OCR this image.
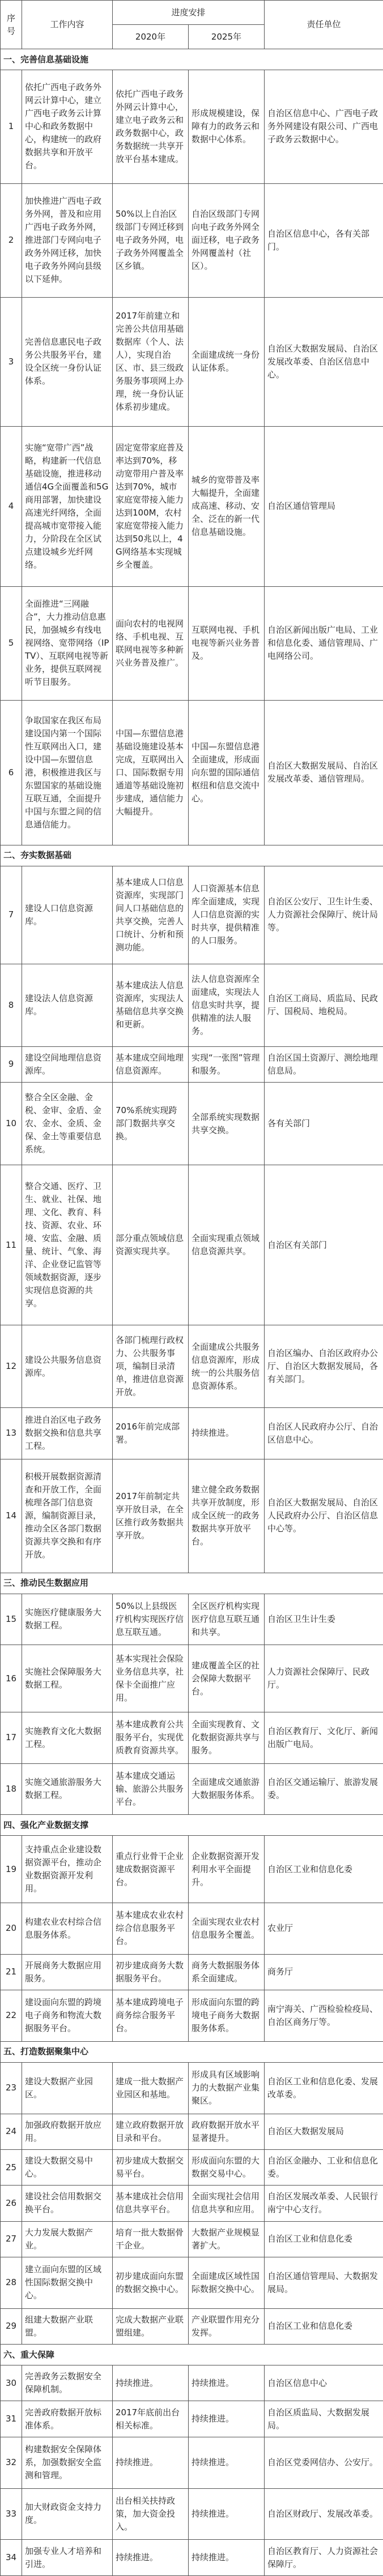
序号	工作内容	进度安排		责任单位
		2020年	2025年	
一、完善信息基础设施				
1	依托广西电子政务外网云计算中心，建立广西电子政务云计算中心和政务数据中心，构建统一的政府数据共享和开放平台。	依托广西电子政务外网云计算中心，建立电子政务云和政务数据中心，政务数据统一共享开放平台基本建成。	形成规模建设，保障有力的政务云和数据中心体系。	自治区信息中心、广西电子政务外网建设有限公司、广西电子政务云数据中心。
2	加快推进广西电子政务外网，普及和应用广西电子政务外网，推进部门专网向电子政务外网迁移，加快电子政务外网向县级以下延伸。	50%以上自治区级部门专网迁移到电子政务外网，电子政务外网覆盖全区乡镇。	自治区级部门专网向电子政务外网全面迁移，电子政务外网覆盖村（社区）。	自治区信息中心，各有关部门。
3	完善信息惠民电子政务公共服务平台，建设全区统一身份认证体系。	2017年前建立和完善公共信用基础数据库（个人、法人），实现自治区、市、县三级政务服务事项网上办理，统一身份认证体系初步建成。	全面建成统一身份认证体系。	自治区大数据发展局、自治区发展改革委、自治区信息中心。
4	实施“宽带广西”战略，构建新一代信息基础设施，推进移动通信4G全面覆盖和5G商用部署，加快建设高速光纤网络，全面提高城市宽带接入能力，分阶段在全区试点建设城乡光纤网络。	固定宽带家庭普及率达到70%，移动宽带用户普及率达到70%，城市家庭宽带接入能力达到100M，农村家庭宽带接入能力达到50兆以上，4G网络基本实现城乡全覆盖。	城乡的宽带普及率大幅提升，全面建成高速、移动、安全、泛在的新一代信息基础设施。	自治区通信管理局
5	全面推进“三网融合”，大力推动信息惠民，加强城乡有线电视网络、宽带网络（IPTV）、互联网电视等新业务，提供互联网视听节目服务。	面向农村的电视网络、手机电视、互联网电视等多种新兴业务普及推广。	互联网电视、手机电视等新兴业务普及。	自治区新闻出版广电局、工业和信息化委、通信管理局、广电网络公司。
6	争取国家在我区布局建设国内第一个国际性互联网出入口，建设中国—东盟信息港，积极推进我区与东盟国家的基础设施互联互通，全面提升中国与东盟之间的信息通信能力。	中国—东盟信息港基础设施建设基本完成，互联网出入口、国际数据专用通道等基础设施初步建成，通信能力大幅提升。	中国—东盟信息港全面建成，形成面向东盟的国际通信枢纽和信息交流中心。	自治区大数据发展局、自治区发展改革委、通信管理局。
二、夯实数据基础				
7	建设人口信息资源库。	基本建成人口信息资源库，实现部门间人口基础信息的共享交换，完善人口统计、分析和预测功能。	人口资源基本信息库全面建成，实现人口信息资源的实时共享，提供精准的人口服务。	自治区公安厅、卫生计生委、人力资源社会保障厅、统计局等。
8	建设法人信息资源库。	基本建成法人信息资源库，实现法人基础信息共享交换和更新。	法人信息资源库全面建成，实现法人信息实时共享，提供精准的法人服务。	自治区工商局、质监局、民政厅、国税局、地税局。
9	建设空间地理信息资源库。	基本建成空间地理信息资源库。	实现“一张图”管理和服务。	自治区国土资源厅、测绘地理信息局。
10	整合全区金融、金税、金审、金盾、金农、金水、金质、金保、金土等重要信息系统。	70%系统实现跨部门数据共享交换。	全部系统实现数据共享交换。	各有关部门
11	整合交通、医疗、卫生、就业、社保、地理、文化、教育、科技、资源、农业、环境、安监、金融、质量、统计、气象、海洋、企业登记监管等领域数据资源，逐步实现信息资源的共享。	部分重点领域信息资源实现共享。	全面实现重点领域信息资源共享。	自治区有关部门
12	建设公共服务信息资源库。	各部门梳理行政权力、公共服务事项，编制目录清单，推进信息资源开放。	全面建成公共服务信息资源库，形成统一的公共服务信息资源体系。	自治区编办、自治区政府办公厅、自治区大数据发展局，各有关部门。
13	推进自治区电子政务数据交换和信息共享工程。	2016年前完成部署。	持续推进。	自治区人民政府办公厅、自治区信息中心。
14	积极开展数据资源清查和开放工作，全面梳理各部门信息资源，编制资源目录，推动全区各部门数据资源共享交换和有序开放。	2017年前制定共享开放目录，在全区推行政务数据共享开放。	建立健全政务数据共享开放制度，形成全区统一的政务数据共享开放平台。	自治区大数据发展局、自治区人民政府办公厅、自治区信息中心等。
三、推动民生数据应用				
15	实施医疗健康服务大数据工程。	50%以上县级医疗机构实现医疗信息互联互通。	全区医疗机构实现医疗信息互联互通和共享。	自治区卫生计生委
16	实施社会保障服务大数据工程。	基本实现社会保险业务信息共享，社保卡全面推广应用。	建成覆盖全区的社会保障大数据平台。	人力资源社会保障厅、民政厅。
17	实施教育文化大数据工程。	基本建成教育公共服务平台，实现优质教育资源共享。	全面实现教育、文化数据资源共享与服务。	自治区教育厅、文化厅、新闻出版广电局。
18	实施交通旅游服务大数据工程。	基本建成交通运输、旅游公共服务平台。	全面建成交通旅游大数据服务体系。	自治区交通运输厅、旅游发展委。
四、强化产业数据支撑				
19	支持重点企业建设数据资源平台，推动企业数据资源开发利用。	重点行业骨干企业建成数据资源平台。	企业数据资源开发利用水平全面提升。	自治区工业和信息化委
20	构建农业农村综合信息服务体系。	基本建成农业农村综合信息服务平台。	全面实现农业农村信息服务全覆盖。	农业厅
21	开展商务大数据应用服务。	初步建成商务大数据服务平台。	商务大数据服务体系全面建成。	商务厅
22	建设面向东盟的跨境电子商务和物流大数据服务平台。	基本建成跨境电子商务综合服务平台。	形成面向东盟的跨境电子商务大数据服务体系。	南宁海关、广西检验检疫局、自治区商务厅等。
五、打造数据聚集中心				
23	建设大数据产业园区。	建成一批大数据产业园区和基地。	形成具有区域影响力的大数据产业集聚区。	自治区工业和信息化委、发展改革委。
24	加强政府数据开放应用。	建立政府数据开放目录和平台。	政府数据开放水平显著提升。	自治区大数据发展局
25	建设大数据交易中心。	初步建成大数据交易平台。	形成面向东盟的大数据交易中心。	自治区金融办、工业和信息化委。
26	建设社会信用数据交换平台。	基本建成社会信用信息共享平台。	全面实现社会信用信息共享和应用。	自治区发展改革委、人民银行南宁中心支行。
27	大力发展大数据产业。	培育一批大数据骨干企业。	大数据产业规模显著扩大。	自治区工业和信息化委
28	建立面向东盟的区域性国际数据交换中心。	初步建成面向东盟的数据交换中心。	全面建成区域性国际数据交换中心。	自治区通信管理局、大数据发展局。
29	组建大数据产业联盟。	完成大数据产业联盟组建。	产业联盟作用充分发挥。	自治区工业和信息化委
六、重大保障				
30	完善政务云数据安全保障机制。	持续推进。	持续推进。	自治区信息中心
31	完善政府数据开放标准体系。	2017年底前出台相关标准。	持续推进。	自治区质监局、大数据发展局。
32	构建数据安全保障体系，加强数据安全监测和管理。	持续推进。	持续推进。	自治区党委网信办、公安厅。
33	加大财政资金支持力度。	出台相关扶持政策，加大资金投入。	持续推进。	自治区财政厅、发展改革委。
34	加强专业人才培养和引进。	持续推进。	持续推进。	自治区教育厅、人力资源社会保障厅。
